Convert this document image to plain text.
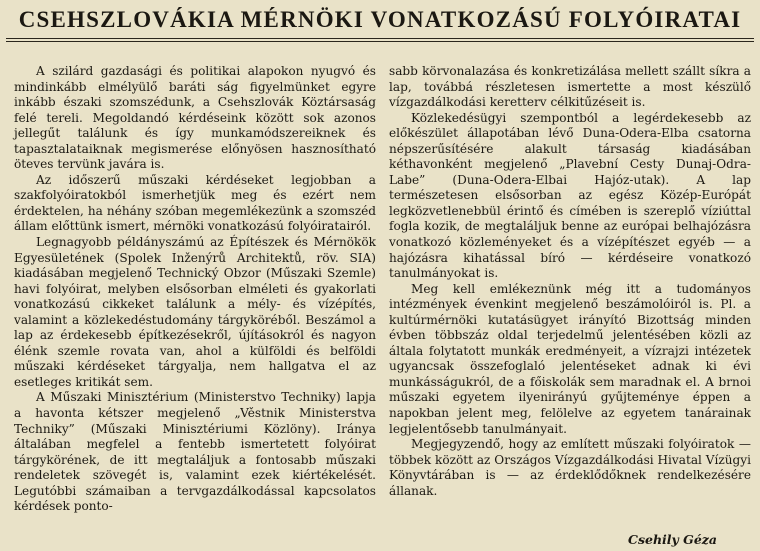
CSEHSZLOVÁKIA MÉRNÖKI VONATKOZÁSÚ FOLYÓIRATAI

A szilárd gazdasági és politikai alapokon nyugvó és mindinkább elmélyülő baráti ság figyelmünket egyre inkább északi szomszédunk, a Csehszlovák Köztársaság felé tereli. Megoldandó kérdéseink között sok azonos jellegűt találunk és így munkamódszereiknek és tapasztalataiknak megismerése előnyösen hasznosítható öteves tervünk javára is.

Az időszerű műszaki kérdéseket legjobban a szakfolyóiratokból ismerhetjük meg és ezért nem érdektelen, ha néhány szóban megemlékezünk a szomszéd állam előttünk ismert, mérnöki vonatkozású folyóiratairól.

Legnagyobb példányszámú az Építészek és Mérnökök Egyesületének (Spolek Inženýrů Architektů, röv. SIA) kiadásában megjelenő Technický Obzor (Műszaki Szemle) havi folyóirat, melyben elsősorban elméleti és gyakorlati vonatkozású cikkeket találunk a mély- és vízépítés, valamint a közlekedéstudomány tárgyköréből. Beszámol a lap az érdekesebb építkezésekről, újításokról és nagyon élénk szemle rovata van, ahol a külföldi és belföldi műszaki kérdéseket tárgyalja, nem hallgatva el az esetleges kritikát sem.

A Műszaki Minisztérium (Ministerstvo Techniky) lapja a havonta kétszer megjelenő „Věstnik Ministerstva Techniky” (Műszaki Minisztériumi Közlöny). Iránya általában megfelel a fentebb ismertetett folyóirat tárgykörének, de itt megtaláljuk a fontosabb műszaki rendeletek szövegét is, valamint ezek kiértékelését. Legutóbbi számaiban a tervgazdálkodással kapcsolatos kérdések ponto-

sabb körvonalazása és konkretizálása mellett szállt síkra a lap, továbbá részletesen ismertette a most készülő vízgazdálkodási keretterv célkitűzéseit is.

Közlekedésügyi szempontból a legérdekesebb az előkészület állapotában lévő Duna-Odera-Elba csatorna népszerűsítésére alakult társaság kiadásában kéthavonként megjelenő „Plavební Cesty Dunaj-Odra-Labe” (Duna-Odera-Elbai Hajóz-utak). A lap természetesen elsősorban az egész Közép-Európát legközvetlenebbül érintő és címében is szereplő víziúttal fogla kozik, de megtaláljuk benne az európai belhajózásra vonatkozó közleményeket és a vízépítészet egyéb — a hajózásra kihatással bíró — kérdéseire vonatkozó tanulmányokat is.

Meg kell emlékeznünk még itt a tudományos intézmények évenkint megjelenő beszámolóiról is. Pl. a kultúrmérnöki kutatásügyet irányító Bizottság minden évben többszáz oldal terjedelmű jelentésében közli az általa folytatott munkák eredményeit, a vízrajzi intézetek ugyancsak összefoglaló jelentéseket adnak ki évi munkásságukról, de a főiskolák sem maradnak el. A brnoi műszaki egyetem ilyenirányú gyűjteménye éppen a napokban jelent meg, felölelve az egyetem tanárainak legjelentősebb tanulmányait.

Megjegyzendő, hogy az említett műszaki folyóiratok — többek között az Országos Vízgazdálkodási Hivatal Vízügyi Könyvtárában is — az érdeklődőknek rendelkezésére állanak.

Csehily Géza
